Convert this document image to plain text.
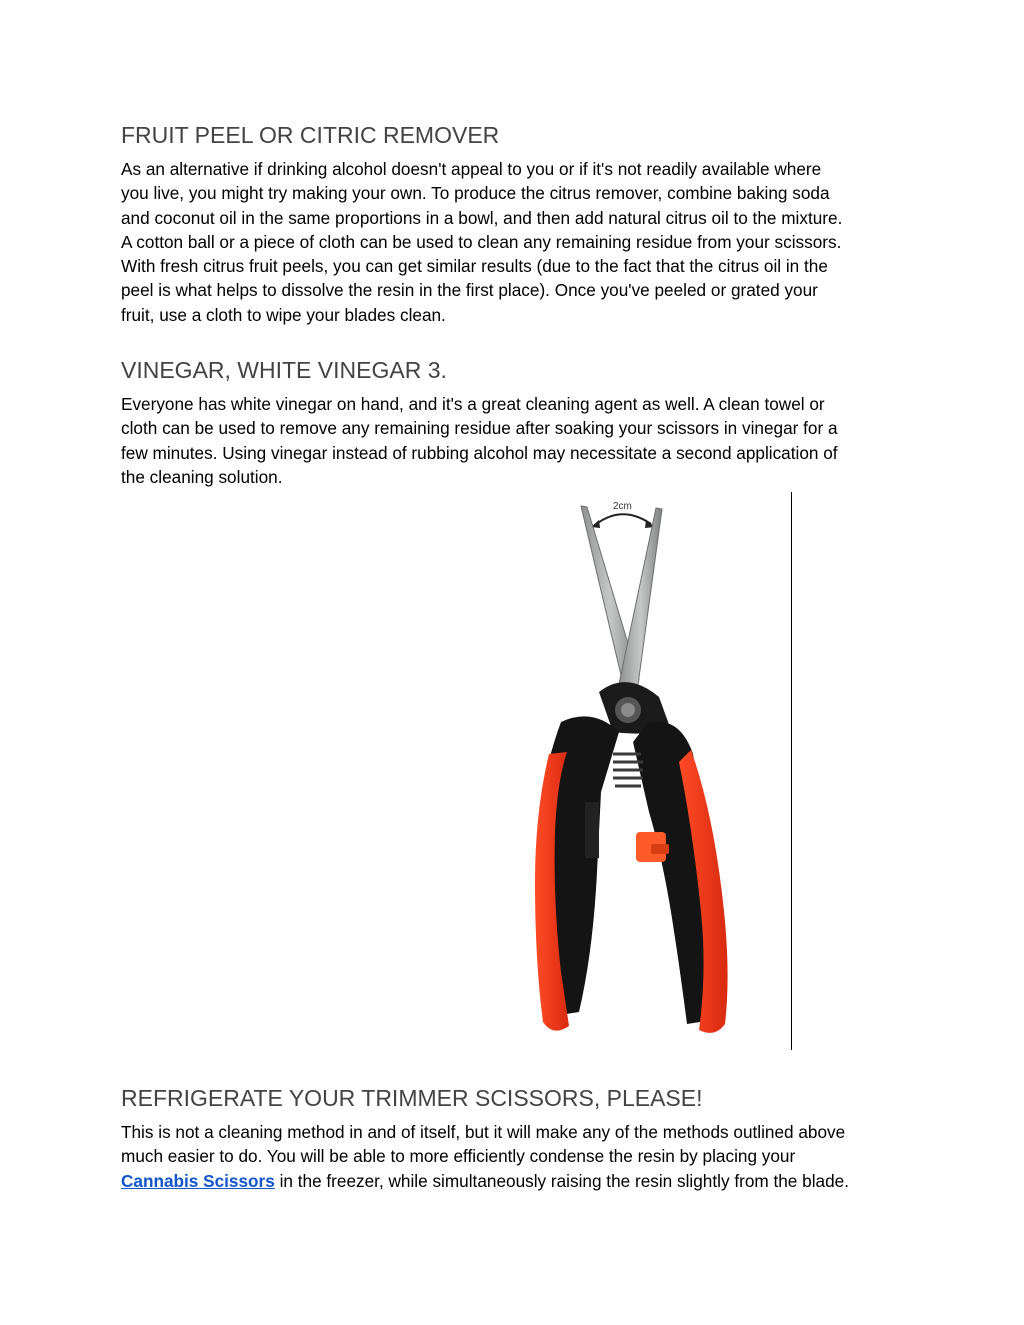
FRUIT PEEL OR CITRIC REMOVER
As an alternative if drinking alcohol doesn't appeal to you or if it's not readily available where
you live, you might try making your own. To produce the citrus remover, combine baking soda
and coconut oil in the same proportions in a bowl, and then add natural citrus oil to the mixture.
A cotton ball or a piece of cloth can be used to clean any remaining residue from your scissors.
With fresh citrus fruit peels, you can get similar results (due to the fact that the citrus oil in the
peel is what helps to dissolve the resin in the first place). Once you've peeled or grated your
fruit, use a cloth to wipe your blades clean.
VINEGAR, WHITE VINEGAR 3.
Everyone has white vinegar on hand, and it's a great cleaning agent as well. A clean towel or
cloth can be used to remove any remaining residue after soaking your scissors in vinegar for a
few minutes. Using vinegar instead of rubbing alcohol may necessitate a second application of
the cleaning solution.
2cm
REFRIGERATE YOUR TRIMMER SCISSORS, PLEASE!
This is not a cleaning method in and of itself, but it will make any of the methods outlined above
much easier to do. You will be able to more efficiently condense the resin by placing your
Cannabis Scissors in the freezer, while simultaneously raising the resin slightly from the blade.
